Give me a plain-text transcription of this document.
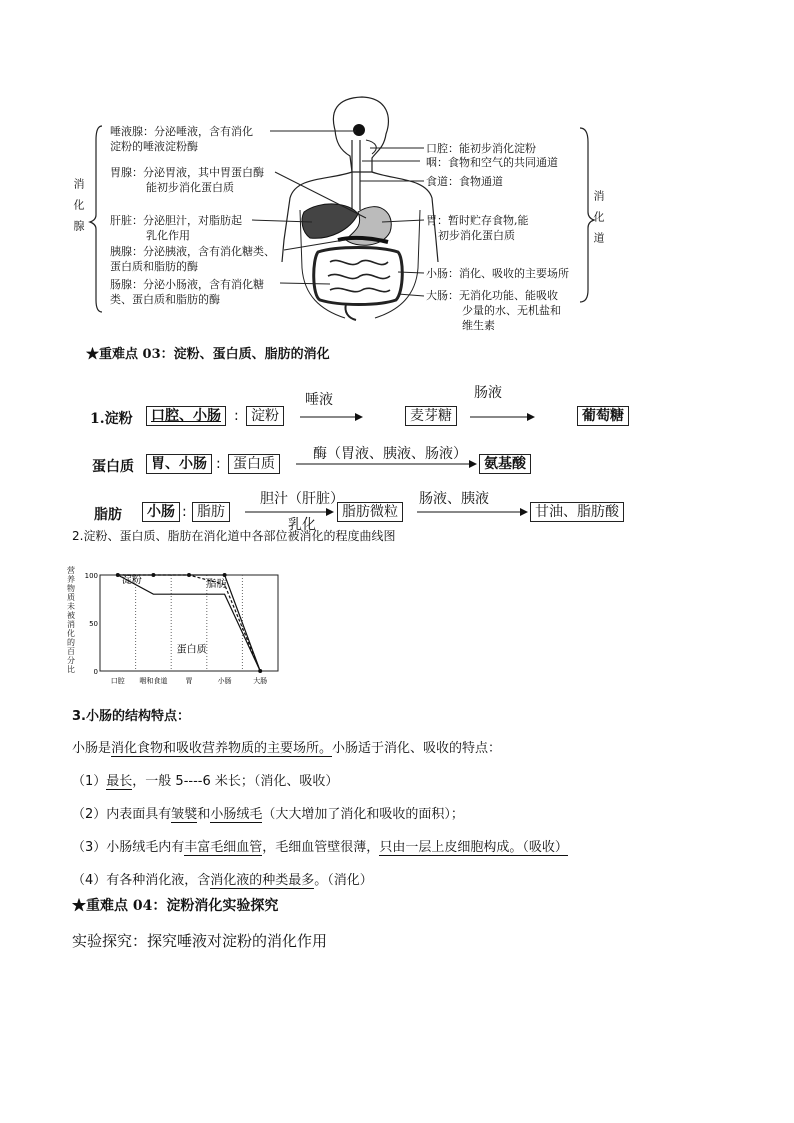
消化腺	消化道
唾液腺：分泌唾液，含有消化
淀粉的唾液淀粉酶
胃腺：分泌胃液，其中胃蛋白酶
能初步消化蛋白质
肝脏：分泌胆汁，对脂肪起
乳化作用
胰腺：分泌胰液，含有消化糖类、
蛋白质和脂肪的酶
肠腺：分泌小肠液，含有消化糖
类、蛋白质和脂肪的酶
口腔：能初步消化淀粉
咽：食物和空气的共同通道
食道：食物通道
胃：暂时贮存食物,能
初步消化蛋白质
小肠：消化、吸收的主要场所
大肠：无消化功能、能吸收
少量的水、无机盐和
维生素
★重难点 03：淀粉、蛋白质、脂肪的消化
1.淀粉	口腔、小肠 : 淀粉
唾液
麦芽糖
肠液
葡萄糖
蛋白质	胃、小肠 : 蛋白质
酶（胃液、胰液、肠液）
氨基酸
脂肪	小肠 : 脂肪
胆汁（肝脏）
乳化
脂肪微粒
肠液、胰液
甘油、脂肪酸
2.淀粉、蛋白质、脂肪在消化道中各部位被消化的程度曲线图
营养物质未被消化的百分比
100
50
0
口腔 咽和食道	胃	小肠	大肠
淀粉
蛋白质
脂肪
3.小肠的结构特点：
小肠是消化食物和吸收营养物质的主要场所。小肠适于消化、吸收的特点：
（1）最长，一般 5----6 米长；（消化、吸收）
（2）内表面具有皱襞和小肠绒毛（大大增加了消化和吸收的面积）；
（3）小肠绒毛内有丰富毛细血管，毛细血管壁很薄，只由一层上皮细胞构成。（吸收）
（4）有各种消化液，含消化液的种类最多。（消化）
★重难点 04：淀粉消化实验探究
实验探究：探究唾液对淀粉的消化作用
